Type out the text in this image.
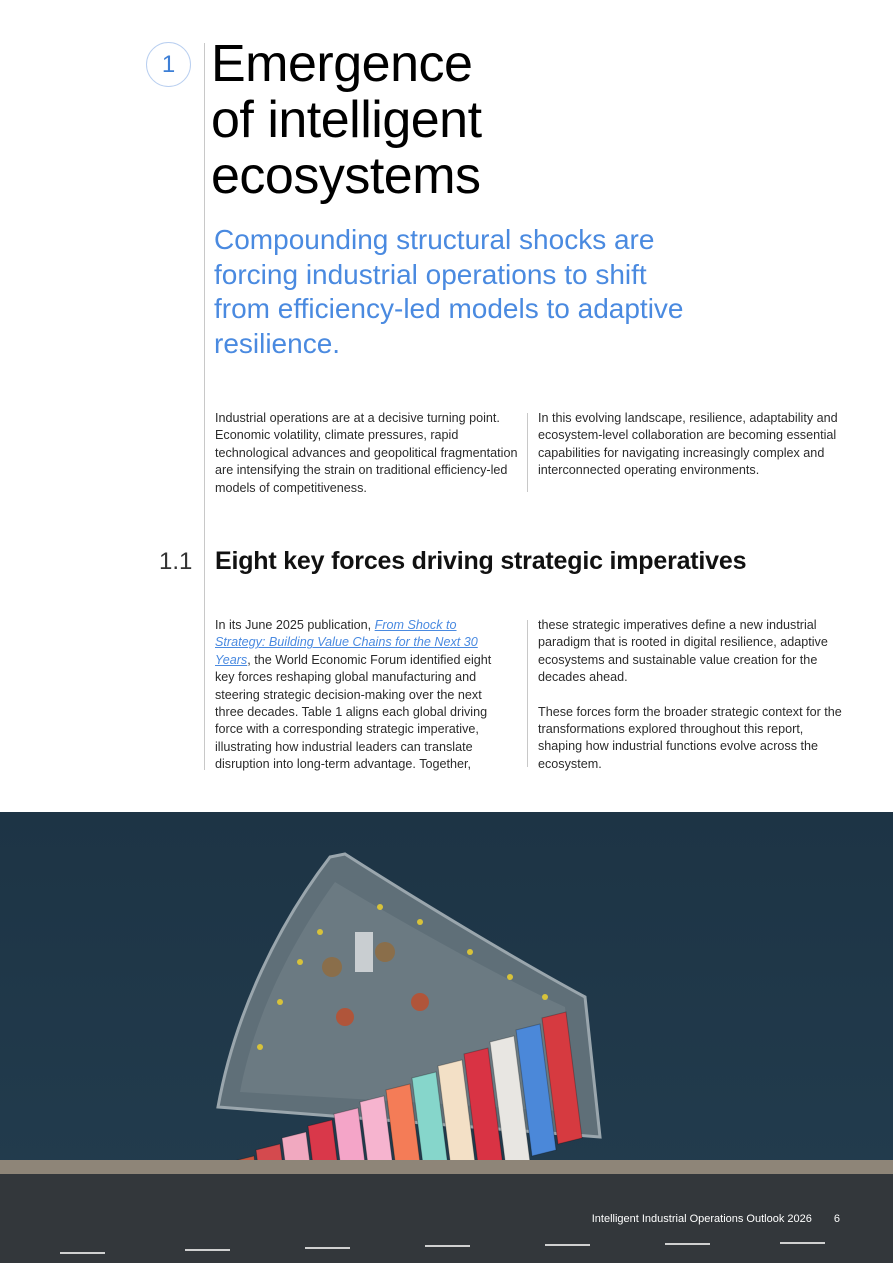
1 Emergence
of intelligent
ecosystems

Compounding structural shocks are forcing industrial operations to shift from efficiency-led models to adaptive resilience.

Industrial operations are at a decisive turning point. Economic volatility, climate pressures, rapid technological advances and geopolitical fragmentation are intensifying the strain on traditional efficiency-led models of competitiveness.

In this evolving landscape, resilience, adaptability and ecosystem-level collaboration are becoming essential capabilities for navigating increasingly complex and interconnected operating environments.

1.1 Eight key forces driving strategic imperatives

In its June 2025 publication, From Shock to Strategy: Building Value Chains for the Next 30 Years, the World Economic Forum identified eight key forces reshaping global manufacturing and steering strategic decision-making over the next three decades. Table 1 aligns each global driving force with a corresponding strategic imperative, illustrating how industrial leaders can translate disruption into long-term advantage. Together,

these strategic imperatives define a new industrial paradigm that is rooted in digital resilience, adaptive ecosystems and sustainable value creation for the decades ahead.

These forces form the broader strategic context for the transformations explored throughout this report, shaping how industrial functions evolve across the ecosystem.

Intelligent Industrial Operations Outlook 2026 6
